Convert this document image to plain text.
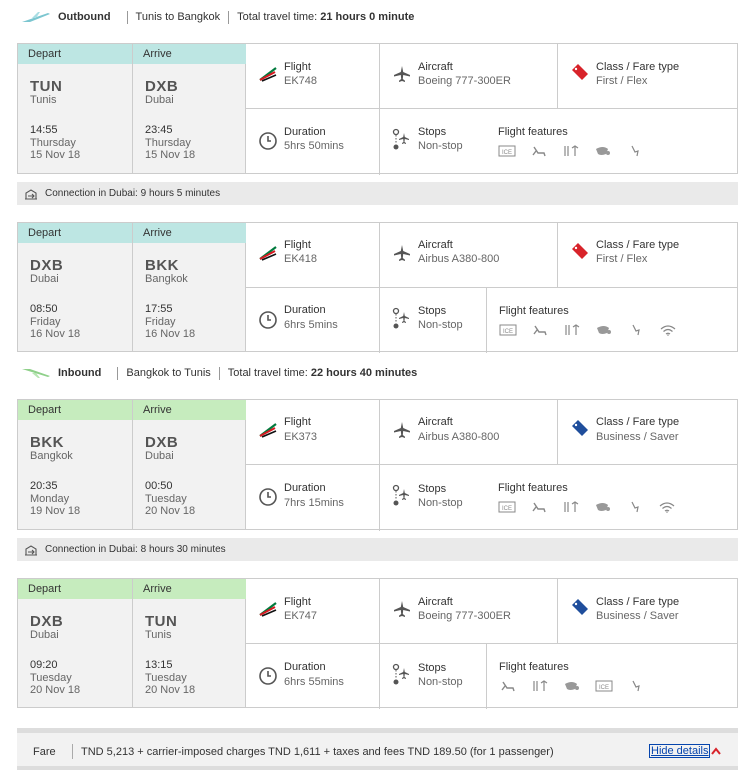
Outbound Tunis to Bangkok Total travel time: 21 hours 0 minute
Depart
TUN
Tunis
14:55
Thursday
15 Nov 18
Arrive
DXB
Dubai
23:45
Thursday
15 Nov 18
Flight
EK748
Aircraft
Boeing 777-300ER
Class / Fare type
First / Flex
Duration
5hrs 50mins
Stops
Non-stop
Flight features
Connection in Dubai: 9 hours 5 minutes
Depart
DXB
Dubai
08:50
Friday
16 Nov 18
Arrive
BKK
Bangkok
17:55
Friday
16 Nov 18
Flight
EK418
Aircraft
Airbus A380-800
Class / Fare type
First / Flex
Duration
6hrs 5mins
Stops
Non-stop
Flight features
Inbound Bangkok to Tunis Total travel time: 22 hours 40 minutes
Depart
BKK
Bangkok
20:35
Monday
19 Nov 18
Arrive
DXB
Dubai
00:50
Tuesday
20 Nov 18
Flight
EK373
Aircraft
Airbus A380-800
Class / Fare type
Business / Saver
Duration
7hrs 15mins
Stops
Non-stop
Flight features
Connection in Dubai: 8 hours 30 minutes
Depart
DXB
Dubai
09:20
Tuesday
20 Nov 18
Arrive
TUN
Tunis
13:15
Tuesday
20 Nov 18
Flight
EK747
Aircraft
Boeing 777-300ER
Class / Fare type
Business / Saver
Duration
6hrs 55mins
Stops
Non-stop
Flight features
Fare TND 5,213 + carrier-imposed charges TND 1,611 + taxes and fees TND 189.50 (for 1 passenger)	Hide details
